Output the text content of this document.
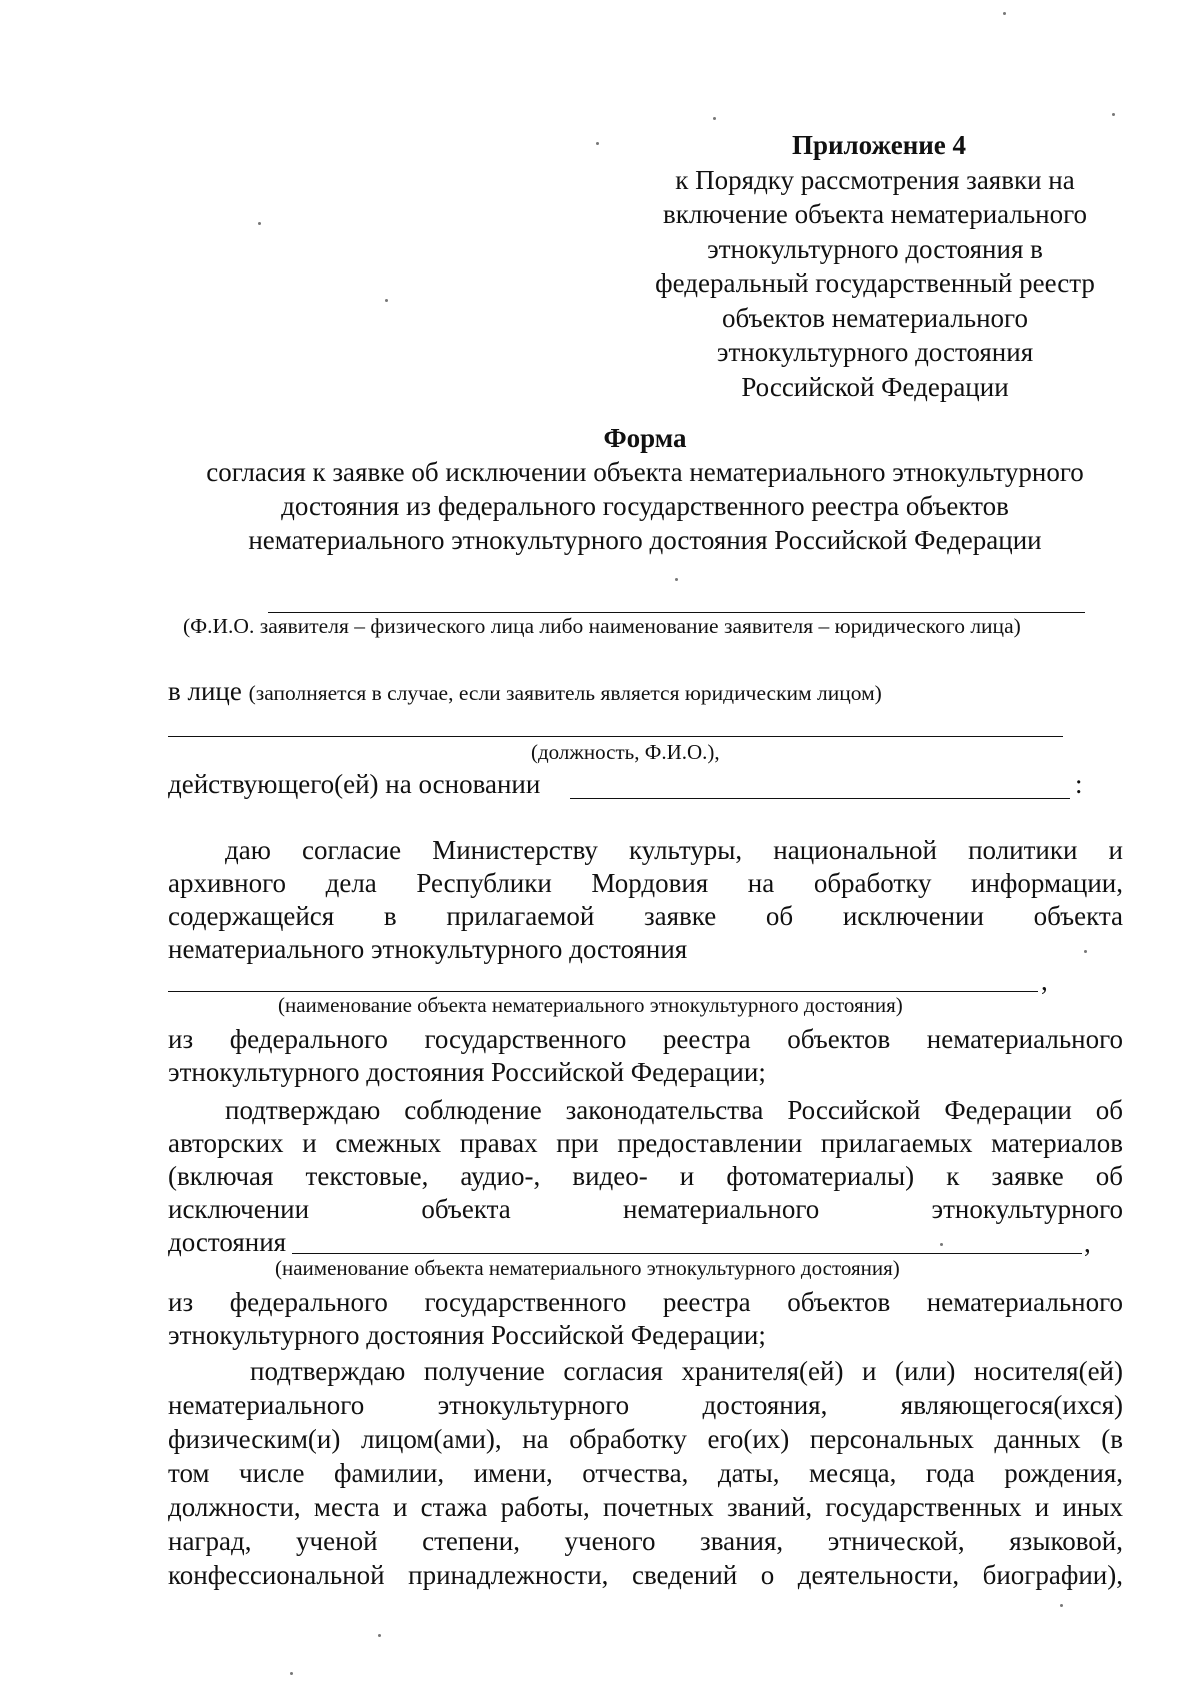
Приложение 4
к Порядку рассмотрения заявки на
включение объекта нематериального
этнокультурного достояния в
федеральный государственный реестр
объектов нематериального
этнокультурного достояния
Российской Федерации
Форма
согласия к заявке об исключении объекта нематериального этнокультурного
достояния из федерального государственного реестра объектов
нематериального этнокультурного достояния Российской Федерации
(Ф.И.О. заявителя – физического лица либо наименование заявителя – юридического лица)
в лице (заполняется в случае, если заявитель является юридическим лицом)
(должность, Ф.И.О.),
действующего(ей) на основании	:
даю согласие Министерству культуры, национальной политики и
архивного дела Республики Мордовия на обработку информации,
содержащейся в прилагаемой заявке об исключении объекта
нематериального этнокультурного достояния
,
(наименование объекта нематериального этнокультурного достояния)
из федерального государственного реестра объектов нематериального
этнокультурного достояния Российской Федерации;
подтверждаю соблюдение законодательства Российской Федерации об
авторских и смежных правах при предоставлении прилагаемых материалов
(включая текстовые, аудио-, видео- и фотоматериалы) к заявке об
исключении объекта нематериального этнокультурного
достояния	,
(наименование объекта нематериального этнокультурного достояния)
из федерального государственного реестра объектов нематериального
этнокультурного достояния Российской Федерации;
подтверждаю получение согласия хранителя(ей) и (или) носителя(ей)
нематериального этнокультурного достояния, являющегося(ихся)
физическим(и) лицом(ами), на обработку его(их) персональных данных (в
том числе фамилии, имени, отчества, даты, месяца, года рождения,
должности, места и стажа работы, почетных званий, государственных и иных
наград, ученой степени, ученого звания, этнической, языковой,
конфессиональной принадлежности, сведений о деятельности, биографии),
